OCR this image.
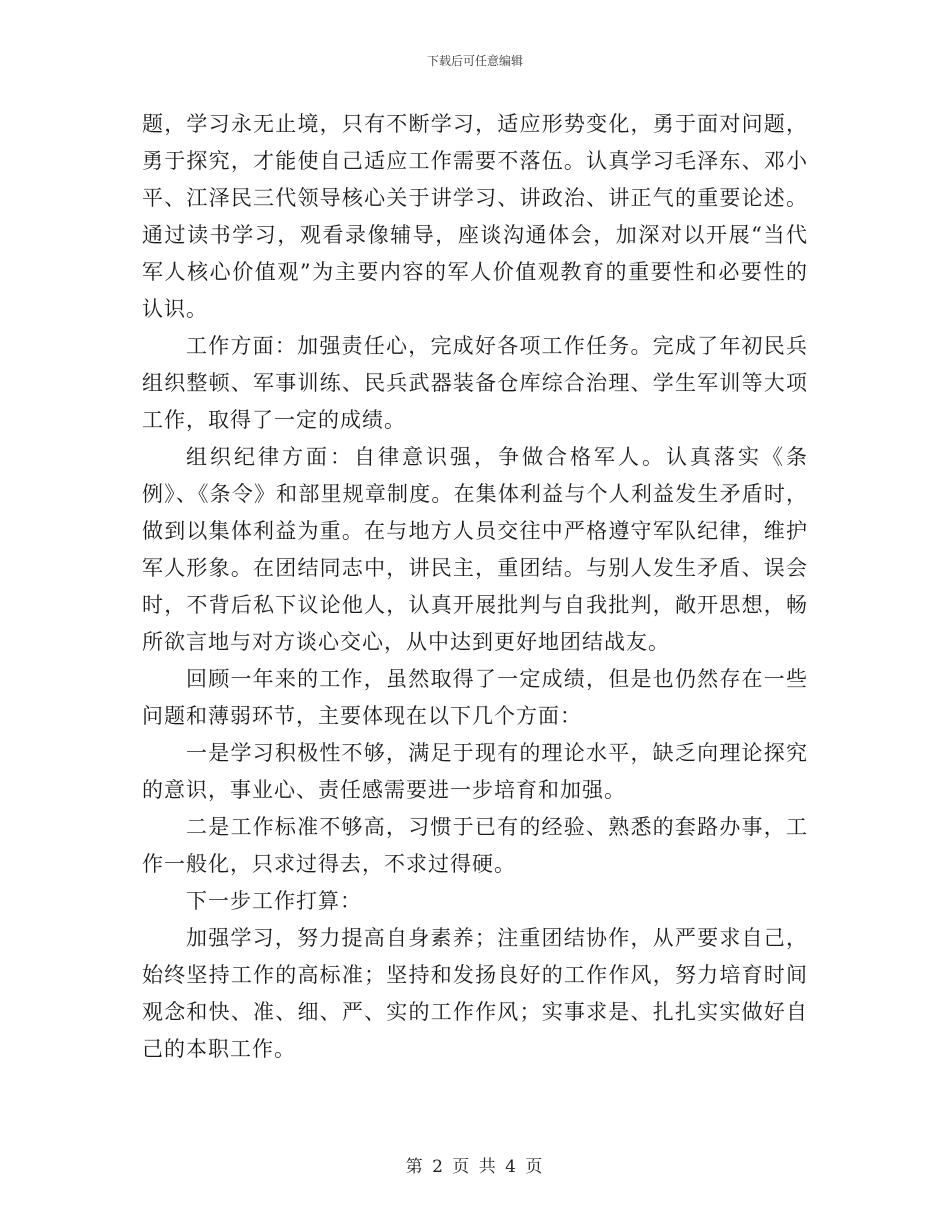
下载后可任意编辑

题，学习永无止境，只有不断学习，适应形势变化，勇于面对问题，勇于探究，才能使自己适应工作需要不落伍。认真学习毛泽东、邓小平、江泽民三代领导核心关于讲学习、讲政治、讲正气的重要论述。通过读书学习，观看录像辅导，座谈沟通体会，加深对以开展“当代军人核心价值观”为主要内容的军人价值观教育的重要性和必要性的认识。

工作方面：加强责任心，完成好各项工作任务。完成了年初民兵组织整顿、军事训练、民兵武器装备仓库综合治理、学生军训等大项工作，取得了一定的成绩。

组织纪律方面：自律意识强，争做合格军人。认真落实《条例》、《条令》和部里规章制度。在集体利益与个人利益发生矛盾时，做到以集体利益为重。在与地方人员交往中严格遵守军队纪律，维护军人形象。在团结同志中，讲民主，重团结。与别人发生矛盾、误会时，不背后私下议论他人，认真开展批判与自我批判，敞开思想，畅所欲言地与对方谈心交心，从中达到更好地团结战友。

回顾一年来的工作，虽然取得了一定成绩，但是也仍然存在一些问题和薄弱环节，主要体现在以下几个方面：

一是学习积极性不够，满足于现有的理论水平，缺乏向理论探究的意识，事业心、责任感需要进一步培育和加强。

二是工作标准不够高，习惯于已有的经验、熟悉的套路办事，工作一般化，只求过得去，不求过得硬。

下一步工作打算：

加强学习，努力提高自身素养；注重团结协作，从严要求自己，始终坚持工作的高标准；坚持和发扬良好的工作作风，努力培育时间观念和快、准、细、严、实的工作作风；实事求是、扎扎实实做好自己的本职工作。

第 2 页 共 4 页
